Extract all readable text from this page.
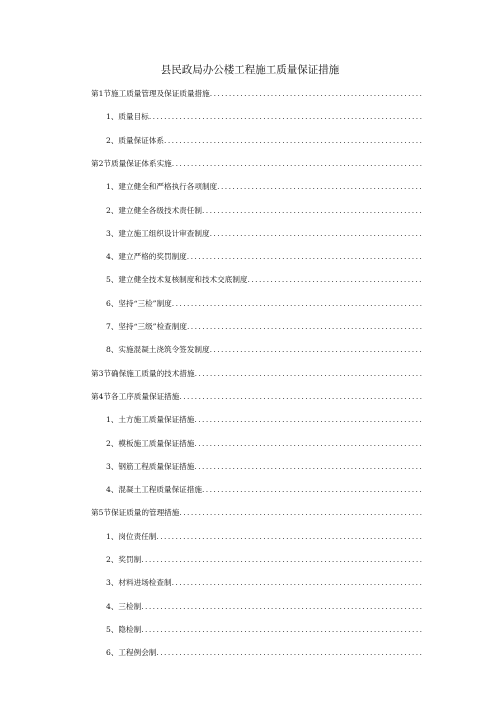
县民政局办公楼工程施工质量保证措施
第1节施工质量管理及保证质量措施
.....
1、质量目标
.....
2、质量保证体系
.....
第2节质量保证体系实施
.....
1、建立健全和严格执行各项制度
.....
2、建立健全各级技术责任制
.....
3、建立施工组织设计审查制度
.....
4、建立严格的奖罚制度
.....
5、建立健全技术复核制度和技术交底制度
.....
6、坚持“三检”制度
.....
7、坚持“三级”检查制度
.....
8、实施混凝土浇筑令签发制度
.....
第3节确保施工质量的技术措施
.....
第4节各工序质量保证措施
.....
1、土方施工质量保证措施
.....
2、模板施工质量保证措施
.....
3、钢筋工程质量保证措施
.....
4、混凝土工程质量保证措施
.....
第5节保证质量的管理措施
.....
1、岗位责任制
.....
2、奖罚制
.....
3、材料进场检查制
.....
4、三检制
.....
5、隐检制
.....
6、工程例会制
.....
